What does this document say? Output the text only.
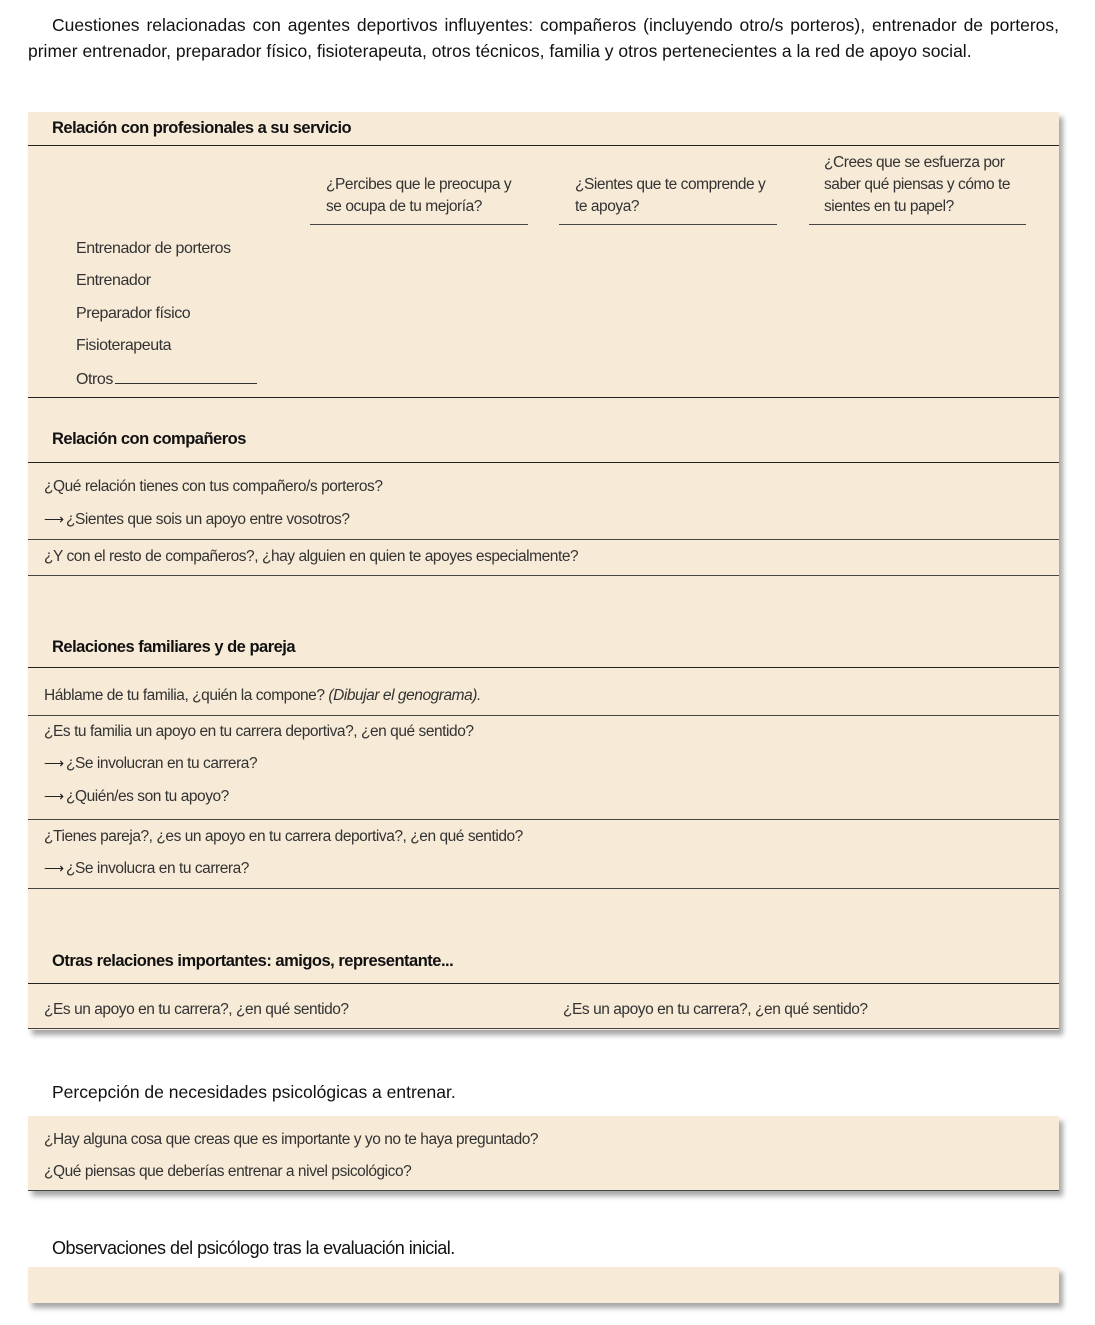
Cuestiones relacionadas con agentes deportivos influyentes: compañeros (incluyendo otro/s porteros), entrenador de porteros, primer entrenador, preparador físico, fisioterapeuta, otros técnicos, familia y otros pertenecientes a la red de apoyo social.
Relación con profesionales a su servicio
¿Percibes que le preocupa y se ocupa de tu mejoría?
¿Sientes que te comprende y te apoya?
¿Crees que se esfuerza por saber qué piensas y cómo te sientes en tu papel?
Entrenador de porteros
Entrenador
Preparador físico
Fisioterapeuta
Otros
Relación con compañeros
¿Qué relación tienes con tus compañero/s porteros?
⟶ ¿Sientes que sois un apoyo entre vosotros?
¿Y con el resto de compañeros?, ¿hay alguien en quien te apoyes especialmente?
Relaciones familiares y de pareja
Háblame de tu familia, ¿quién la compone? (Dibujar el genograma).
¿Es tu familia un apoyo en tu carrera deportiva?, ¿en qué sentido?
⟶ ¿Se involucran en tu carrera?
⟶ ¿Quién/es son tu apoyo?
¿Tienes pareja?, ¿es un apoyo en tu carrera deportiva?, ¿en qué sentido?
⟶ ¿Se involucra en tu carrera?
Otras relaciones importantes: amigos, representante...
¿Es un apoyo en tu carrera?, ¿en qué sentido?	¿Es un apoyo en tu carrera?, ¿en qué sentido?
Percepción de necesidades psicológicas a entrenar.
¿Hay alguna cosa que creas que es importante y yo no te haya preguntado?
¿Qué piensas que deberías entrenar a nivel psicológico?
Observaciones del psicólogo tras la evaluación inicial.
